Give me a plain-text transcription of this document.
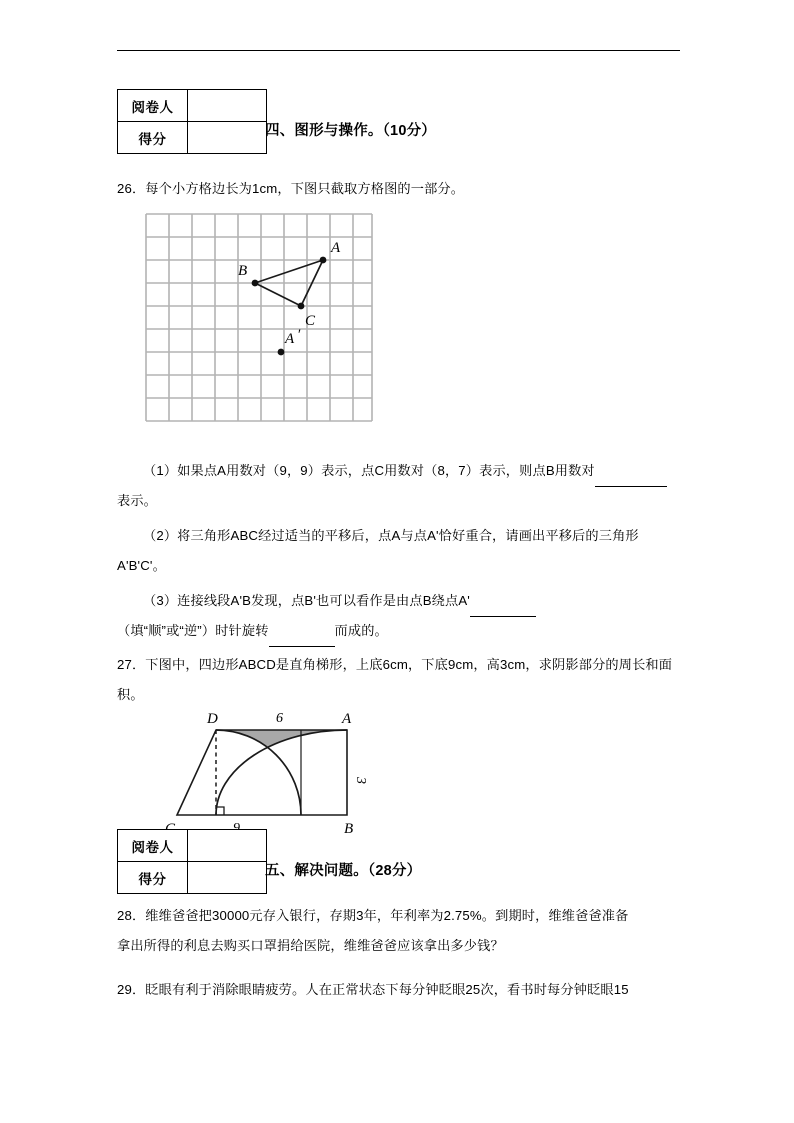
阅卷人	
得分		四、图形与操作。（10分）
26．每个小方格边长为1cm，下图只截取方格图的一部分。
A
B
C
A ′
（1）如果点A用数对（9，9）表示，点C用数对（8，7）表示，则点B用数对
表示。
（2）将三角形ABC经过适当的平移后，点A与点A'恰好重合，请画出平移后的三角形A'B'C'。
（3）连接线段A'B发现，点B'也可以看作是由点B绕点A'
（填“顺”或“逆”）时针旋转	而成的。
27．下图中，四边形ABCD是直角梯形，上底6cm，下底9cm，高3cm，求阴影部分的周长和面积。
D	A
B
6
3
阅卷人	
得分		五、解决问题。（28分）
28．维维爸爸把30000元存入银行，存期3年，年利率为2.75%。到期时，维维爸爸准备
拿出所得的利息去购买口罩捐给医院，维维爸爸应该拿出多少钱？
29．眨眼有利于消除眼睛疲劳。人在正常状态下每分钟眨眼25次，看书时每分钟眨眼15
